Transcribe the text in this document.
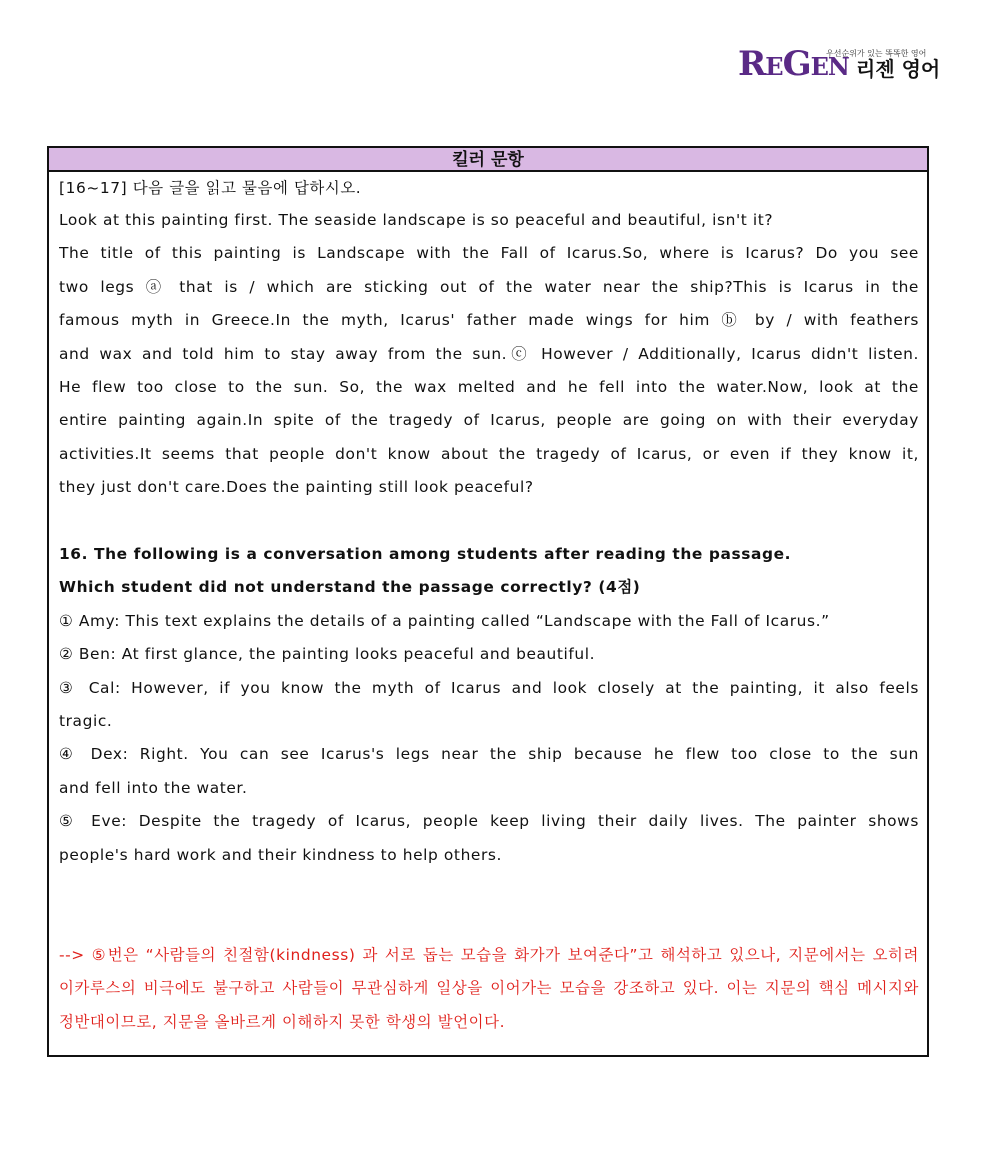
REGEN
우선순위가 있는 똑똑한 영어
리젠 영어
킬러 문항
[16~17] 다음 글을 읽고 물음에 답하시오.
Look at this painting first. The seaside landscape is so peaceful and beautiful, isn't it?
The title of this painting is Landscape with the Fall of Icarus.So, where is Icarus? Do you see
two legs ⓐ that is / which are sticking out of the water near the ship?This is Icarus in the
famous myth in Greece.In the myth, Icarus' father made wings for him ⓑ by / with feathers
and wax and told him to stay away from the sun.ⓒ However / Additionally, Icarus didn't listen.
He flew too close to the sun. So, the wax melted and he fell into the water.Now, look at the
entire painting again.In spite of the tragedy of Icarus, people are going on with their everyday
activities.It seems that people don't know about the tragedy of Icarus, or even if they know it,
they just don't care.Does the painting still look peaceful?
16. The following is a conversation among students after reading the passage.
Which student did not understand the passage correctly? (4점)
① Amy: This text explains the details of a painting called “Landscape with the Fall of Icarus.”
② Ben: At first glance, the painting looks peaceful and beautiful.
③ Cal: However, if you know the myth of Icarus and look closely at the painting, it also feels
tragic.
④ Dex: Right. You can see Icarus's legs near the ship because he flew too close to the sun
and fell into the water.
⑤ Eve: Despite the tragedy of Icarus, people keep living their daily lives. The painter shows
people's hard work and their kindness to help others.
--> ⑤번은 “사람들의 친절함(kindness) 과 서로 돕는 모습을 화가가 보여준다”고 해석하고 있으나, 지문에서는 오히려
이카루스의 비극에도 불구하고 사람들이 무관심하게 일상을 이어가는 모습을 강조하고 있다. 이는 지문의 핵심 메시지와
정반대이므로, 지문을 올바르게 이해하지 못한 학생의 발언이다.
